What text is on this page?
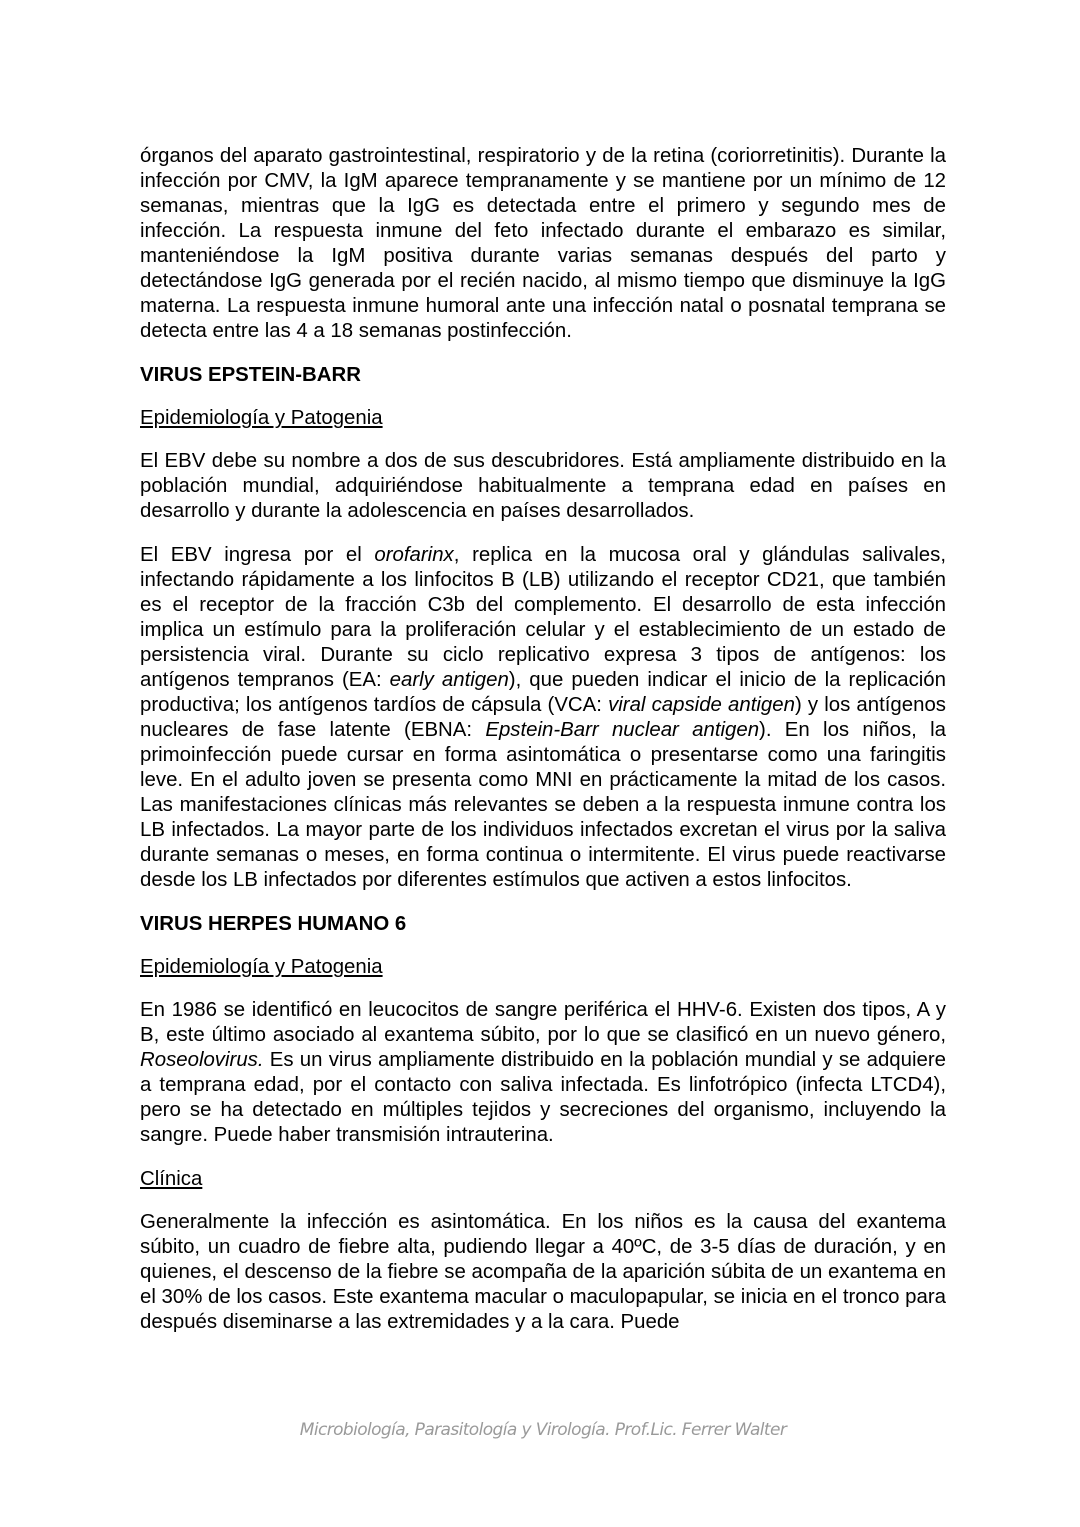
órganos del aparato gastrointestinal, respiratorio y de la retina (coriorretinitis). Durante la infección por CMV, la IgM aparece tempranamente y se mantiene por un mínimo de 12 semanas, mientras que la IgG es detectada entre el primero y segundo mes de infección. La respuesta inmune del feto infectado durante el embarazo es similar, manteniéndose la IgM positiva durante varias semanas después del parto y detectándose IgG generada por el recién nacido, al mismo tiempo que disminuye la IgG materna. La respuesta inmune humoral ante una infección natal o posnatal temprana se detecta entre las 4 a 18 semanas postinfección.

VIRUS EPSTEIN-BARR
Epidemiología y Patogenia

El EBV debe su nombre a dos de sus descubridores. Está ampliamente distribuido en la población mundial, adquiriéndose habitualmente a temprana edad en países en desarrollo y durante la adolescencia en países desarrollados.

El EBV ingresa por el orofarinx, replica en la mucosa oral y glándulas salivales, infectando rápidamente a los linfocitos B (LB) utilizando el receptor CD21, que también es el receptor de la fracción C3b del complemento. El desarrollo de esta infección implica un estímulo para la proliferación celular y el establecimiento de un estado de persistencia viral. Durante su ciclo replicativo expresa 3 tipos de antígenos: los antígenos tempranos (EA: early antigen), que pueden indicar el inicio de la replicación productiva; los antígenos tardíos de cápsula (VCA: viral capside antigen) y los antígenos nucleares de fase latente (EBNA: Epstein-Barr nuclear antigen). En los niños, la primoinfección puede cursar en forma asintomática o presentarse como una faringitis leve. En el adulto joven se presenta como MNI en prácticamente la mitad de los casos. Las manifestaciones clínicas más relevantes se deben a la respuesta inmune contra los LB infectados. La mayor parte de los individuos infectados excretan el virus por la saliva durante semanas o meses, en forma continua o intermitente. El virus puede reactivarse desde los LB infectados por diferentes estímulos que activen a estos linfocitos.

VIRUS HERPES HUMANO 6
Epidemiología y Patogenia

En 1986 se identificó en leucocitos de sangre periférica el HHV-6. Existen dos tipos, A y B, este último asociado al exantema súbito, por lo que se clasificó en un nuevo género, Roseolovirus. Es un virus ampliamente distribuido en la población mundial y se adquiere a temprana edad, por el contacto con saliva infectada. Es linfotrópico (infecta LTCD4), pero se ha detectado en múltiples tejidos y secreciones del organismo, incluyendo la sangre. Puede haber transmisión intrauterina.

Clínica

Generalmente la infección es asintomática. En los niños es la causa del exantema súbito, un cuadro de fiebre alta, pudiendo llegar a 40ºC, de 3-5 días de duración, y en quienes, el descenso de la fiebre se acompaña de la aparición súbita de un exantema en el 30% de los casos. Este exantema macular o maculopapular, se inicia en el tronco para después diseminarse a las extremidades y a la cara. Puede

Microbiología, Parasitología y Virología. Prof.Lic. Ferrer Walter
